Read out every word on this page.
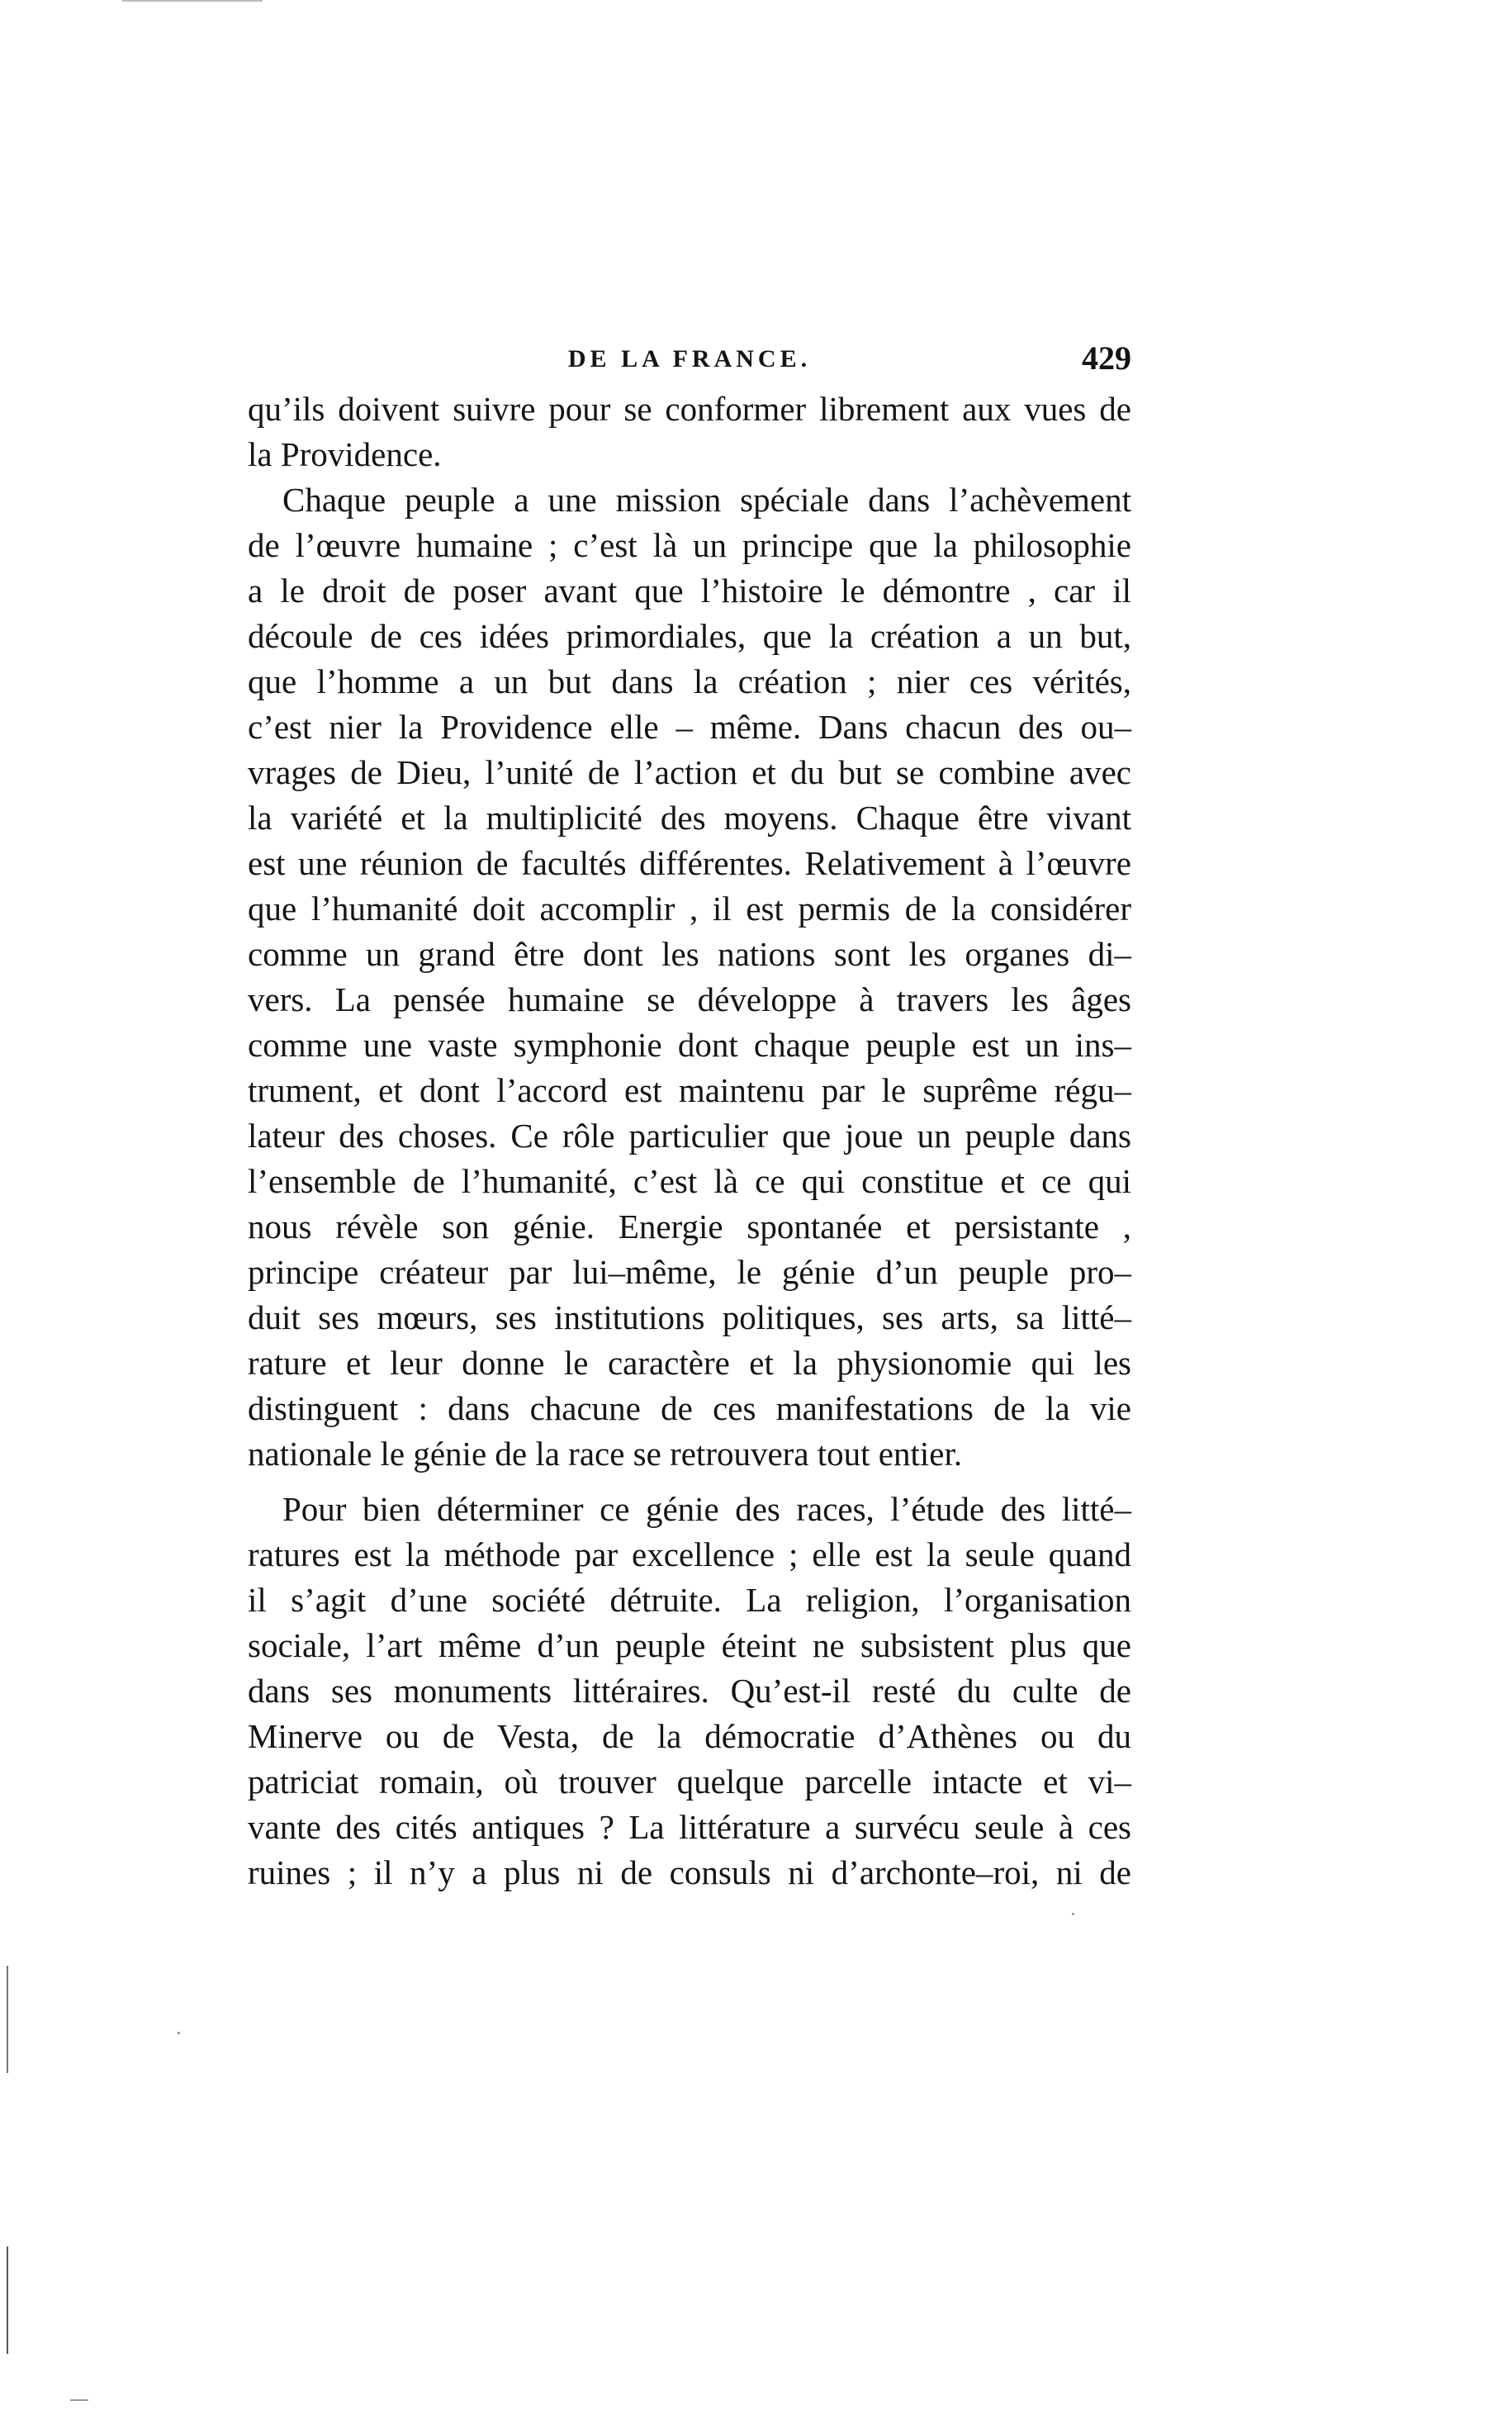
DE LA FRANCE.	429
qu’ils doivent suivre pour se conformer librement aux vues de
la Providence.
Chaque peuple a une mission spéciale dans l’achèvement
de l’œuvre humaine ; c’est là un principe que la philosophie
a le droit de poser avant que l’histoire le démontre , car il
découle de ces idées primordiales, que la création a un but,
que l’homme a un but dans la création ; nier ces vérités,
c’est nier la Providence elle – même. Dans chacun des ou–
vrages de Dieu, l’unité de l’action et du but se combine avec
la variété et la multiplicité des moyens. Chaque être vivant
est une réunion de facultés différentes. Relativement à l’œuvre
que l’humanité doit accomplir , il est permis de la considérer
comme un grand être dont les nations sont les organes di–
vers. La pensée humaine se développe à travers les âges
comme une vaste symphonie dont chaque peuple est un ins–
trument, et dont l’accord est maintenu par le suprême régu–
lateur des choses. Ce rôle particulier que joue un peuple dans
l’ensemble de l’humanité, c’est là ce qui constitue et ce qui
nous révèle son génie. Energie spontanée et persistante ,
principe créateur par lui–même, le génie d’un peuple pro–
duit ses mœurs, ses institutions politiques, ses arts, sa litté–
rature et leur donne le caractère et la physionomie qui les
distinguent : dans chacune de ces manifestations de la vie
nationale le génie de la race se retrouvera tout entier.
Pour bien déterminer ce génie des races, l’étude des litté–
ratures est la méthode par excellence ; elle est la seule quand
il s’agit d’une société détruite. La religion, l’organisation
sociale, l’art même d’un peuple éteint ne subsistent plus que
dans ses monuments littéraires. Qu’est-il resté du culte de
Minerve ou de Vesta, de la démocratie d’Athènes ou du
patriciat romain, où trouver quelque parcelle intacte et vi–
vante des cités antiques ? La littérature a survécu seule à ces
ruines ; il n’y a plus ni de consuls ni d’archonte–roi, ni de
